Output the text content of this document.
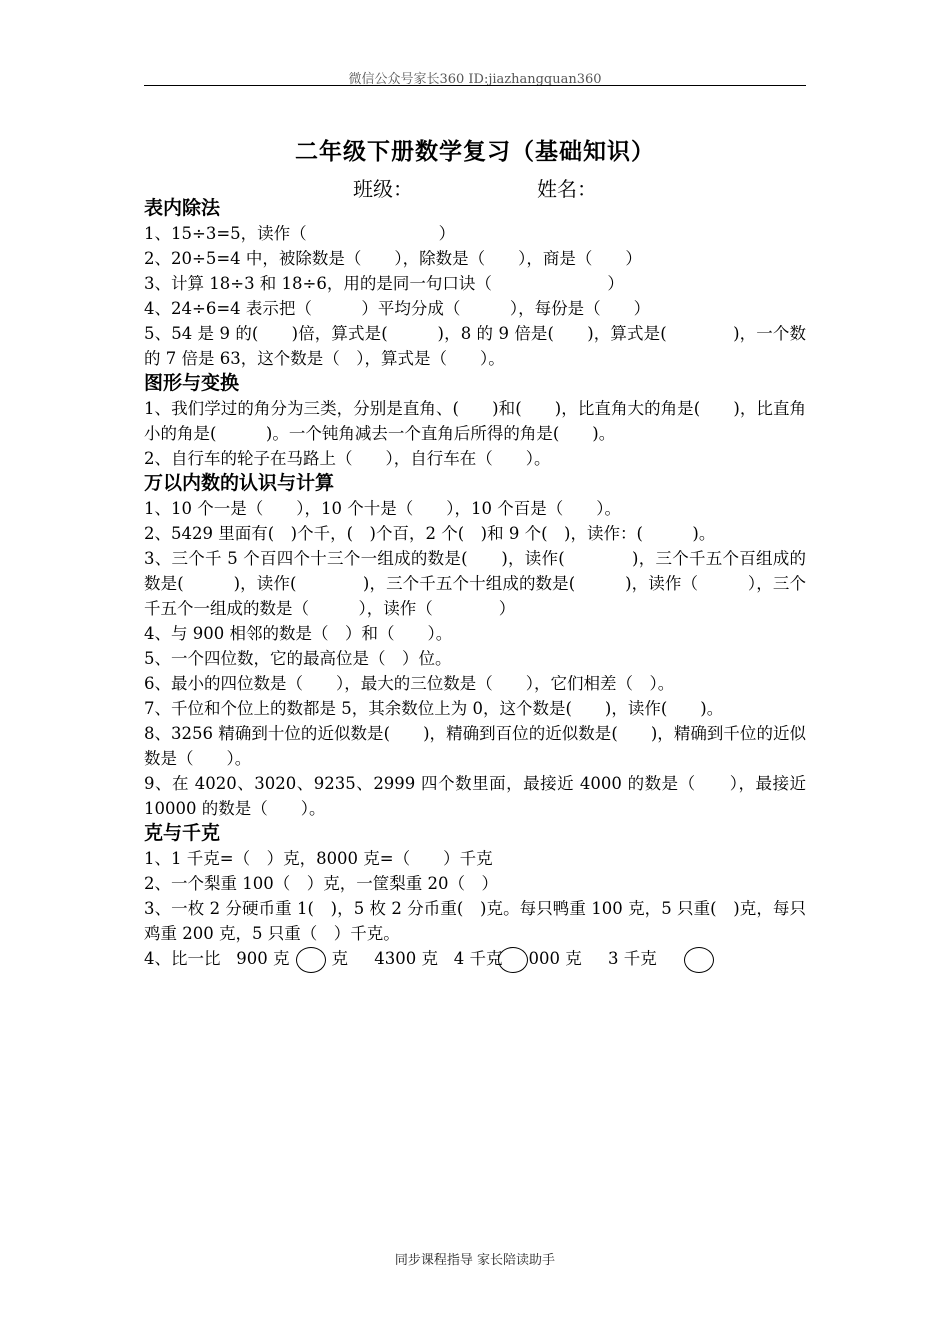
微信公众号家长360 ID:jiazhangquan360
二年级下册数学复习（基础知识）
班级：	姓名：
表内除法

1、15÷3=5，读作（　　　　　　　　）

2、20÷5=4 中，被除数是（　　），除数是（　　），商是（　　）

3、计算 18÷3 和 18÷6，用的是同一句口诀（　　　　　　　）

4、24÷6=4 表示把（　　　）平均分成（　　　），每份是（　　）

5、54 是 9 的(　　)倍，算式是(　　　)，8 的 9 倍是(　　)，算式是(　　　　)，一个数的 7 倍是 63，这个数是（　），算式是（　　）。

图形与变换

1、我们学过的角分为三类，分别是直角、(　　)和(　　)，比直角大的角是(　　)，比直角小的角是(　　　)。一个钝角减去一个直角后所得的角是(　　)。

2、自行车的轮子在马路上（　　），自行车在（　　）。

万以内数的认识与计算

1、10 个一是（　　），10 个十是（　　），10 个百是（　　）。

2、5429 里面有(　)个千，(　)个百，2 个(　)和 9 个(　)，读作：(　　　)。

3、三个千 5 个百四个十三个一组成的数是(　　)，读作(　　　　)，三个千五个百组成的数是(　　　)，读作(　　　　)，三个千五个十组成的数是(　　　)，读作（　　　），三个千五个一组成的数是（　　　），读作（　　　　）

4、与 900 相邻的数是（　）和（　　）。

5、一个四位数，它的最高位是（　）位。

6、最小的四位数是（　　），最大的三位数是（　　），它们相差（　）。

7、千位和个位上的数都是 5，其余数位上为 0，这个数是(　　)，读作(　　)。

8、3256 精确到十位的近似数是(　　)，精确到百位的近似数是(　　)，精确到千位的近似数是（　　）。

9、在 4020、3020、9235、2999 四个数里面，最接近 4000 的数是（　　），最接近 10000 的数是（　　）。

克与千克

1、1 千克=（　）克，8000 克=（　　）千克

2、一个梨重 100（　）克，一筐梨重 20（　）

3、一枚 2 分硬币重 1(　)，5 枚 2 分币重(　)克。每只鸭重 100 克，5 只重(　)克，每只鸡重 200 克，5 只重（　）千克。

4、比一比 900 克	克 4300 克 4 千克 000 克 3 千克

同步课程指导 家长陪读助手
